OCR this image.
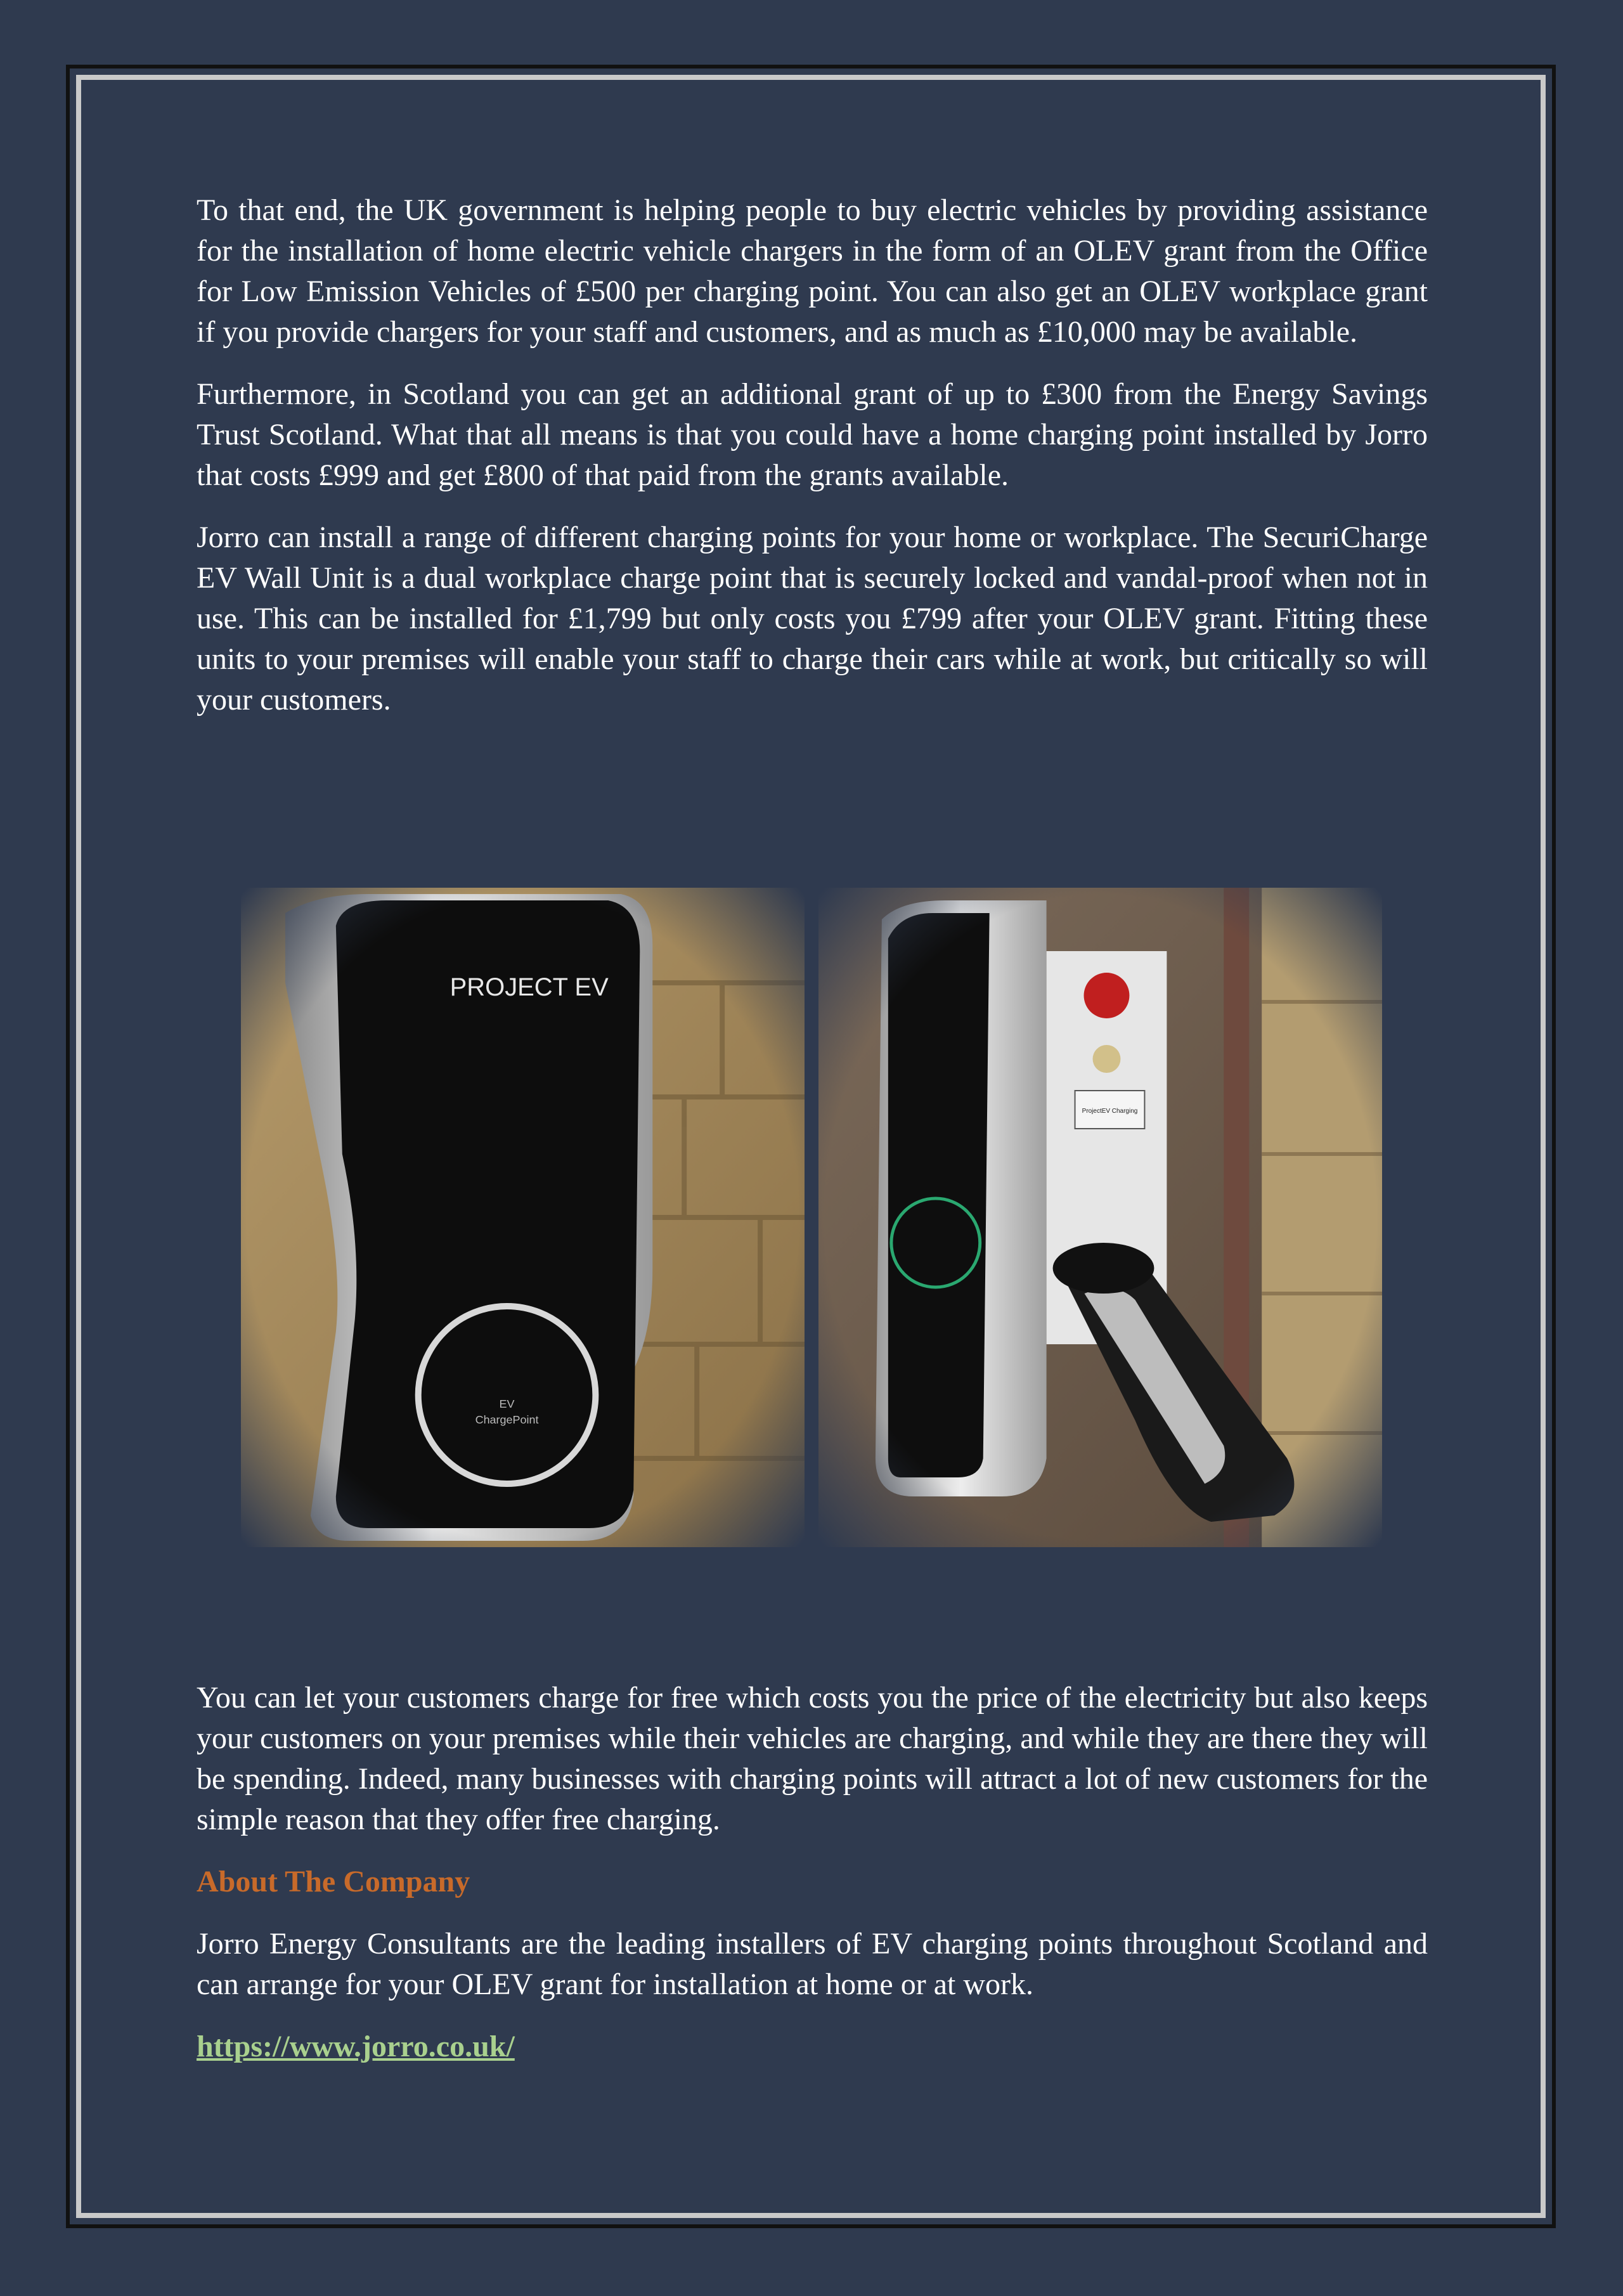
To that end, the UK government is helping people to buy electric vehicles by providing assistance for the installation of home electric vehicle chargers in the form of an OLEV grant from the Office for Low Emission Vehicles of £500 per charging point. You can also get an OLEV workplace grant if you provide chargers for your staff and customers, and as much as £10,000 may be available.

Furthermore, in Scotland you can get an additional grant of up to £300 from the Energy Savings Trust Scotland. What that all means is that you could have a home charging point installed by Jorro that costs £999 and get £800 of that paid from the grants available.

Jorro can install a range of different charging points for your home or workplace. The SecuriCharge EV Wall Unit is a dual workplace charge point that is securely locked and vandal-proof when not in use. This can be installed for £1,799 but only costs you £799 after your OLEV grant. Fitting these units to your premises will enable your staff to charge their cars while at work, but critically so will your customers.

You can let your customers charge for free which costs you the price of the electricity but also keeps your customers on your premises while their vehicles are charging, and while they are there they will be spending. Indeed, many businesses with charging points will attract a lot of new customers for the simple reason that they offer free charging.

About The Company

Jorro Energy Consultants are the leading installers of EV charging points throughout Scotland and can arrange for your OLEV grant for installation at home or at work.

https://www.jorro.co.uk/
